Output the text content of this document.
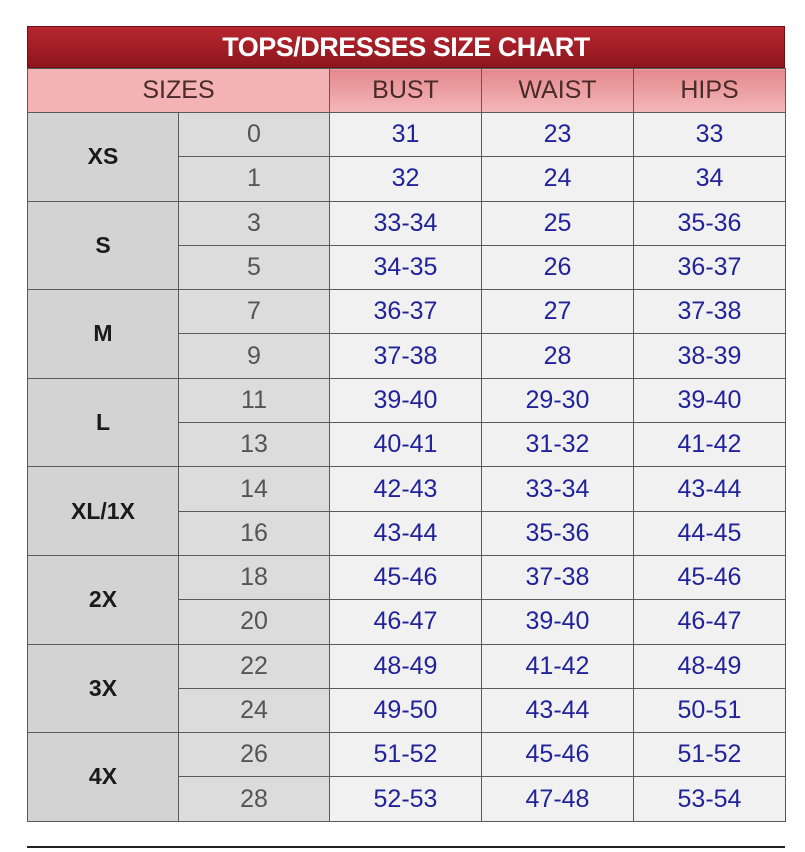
TOPS/DRESSES SIZE CHART
SIZES		BUST	WAIST	HIPS
XS	0	31	23	33
	1	32	24	34
S	3	33-34	25	35-36
	5	34-35	26	36-37
M	7	36-37	27	37-38
	9	37-38	28	38-39
L	11	39-40	29-30	39-40
	13	40-41	31-32	41-42
XL/1X	14	42-43	33-34	43-44
	16	43-44	35-36	44-45
2X	18	45-46	37-38	45-46
	20	46-47	39-40	46-47
3X	22	48-49	41-42	48-49
	24	49-50	43-44	50-51
4X	26	51-52	45-46	51-52
	28	52-53	47-48	53-54
